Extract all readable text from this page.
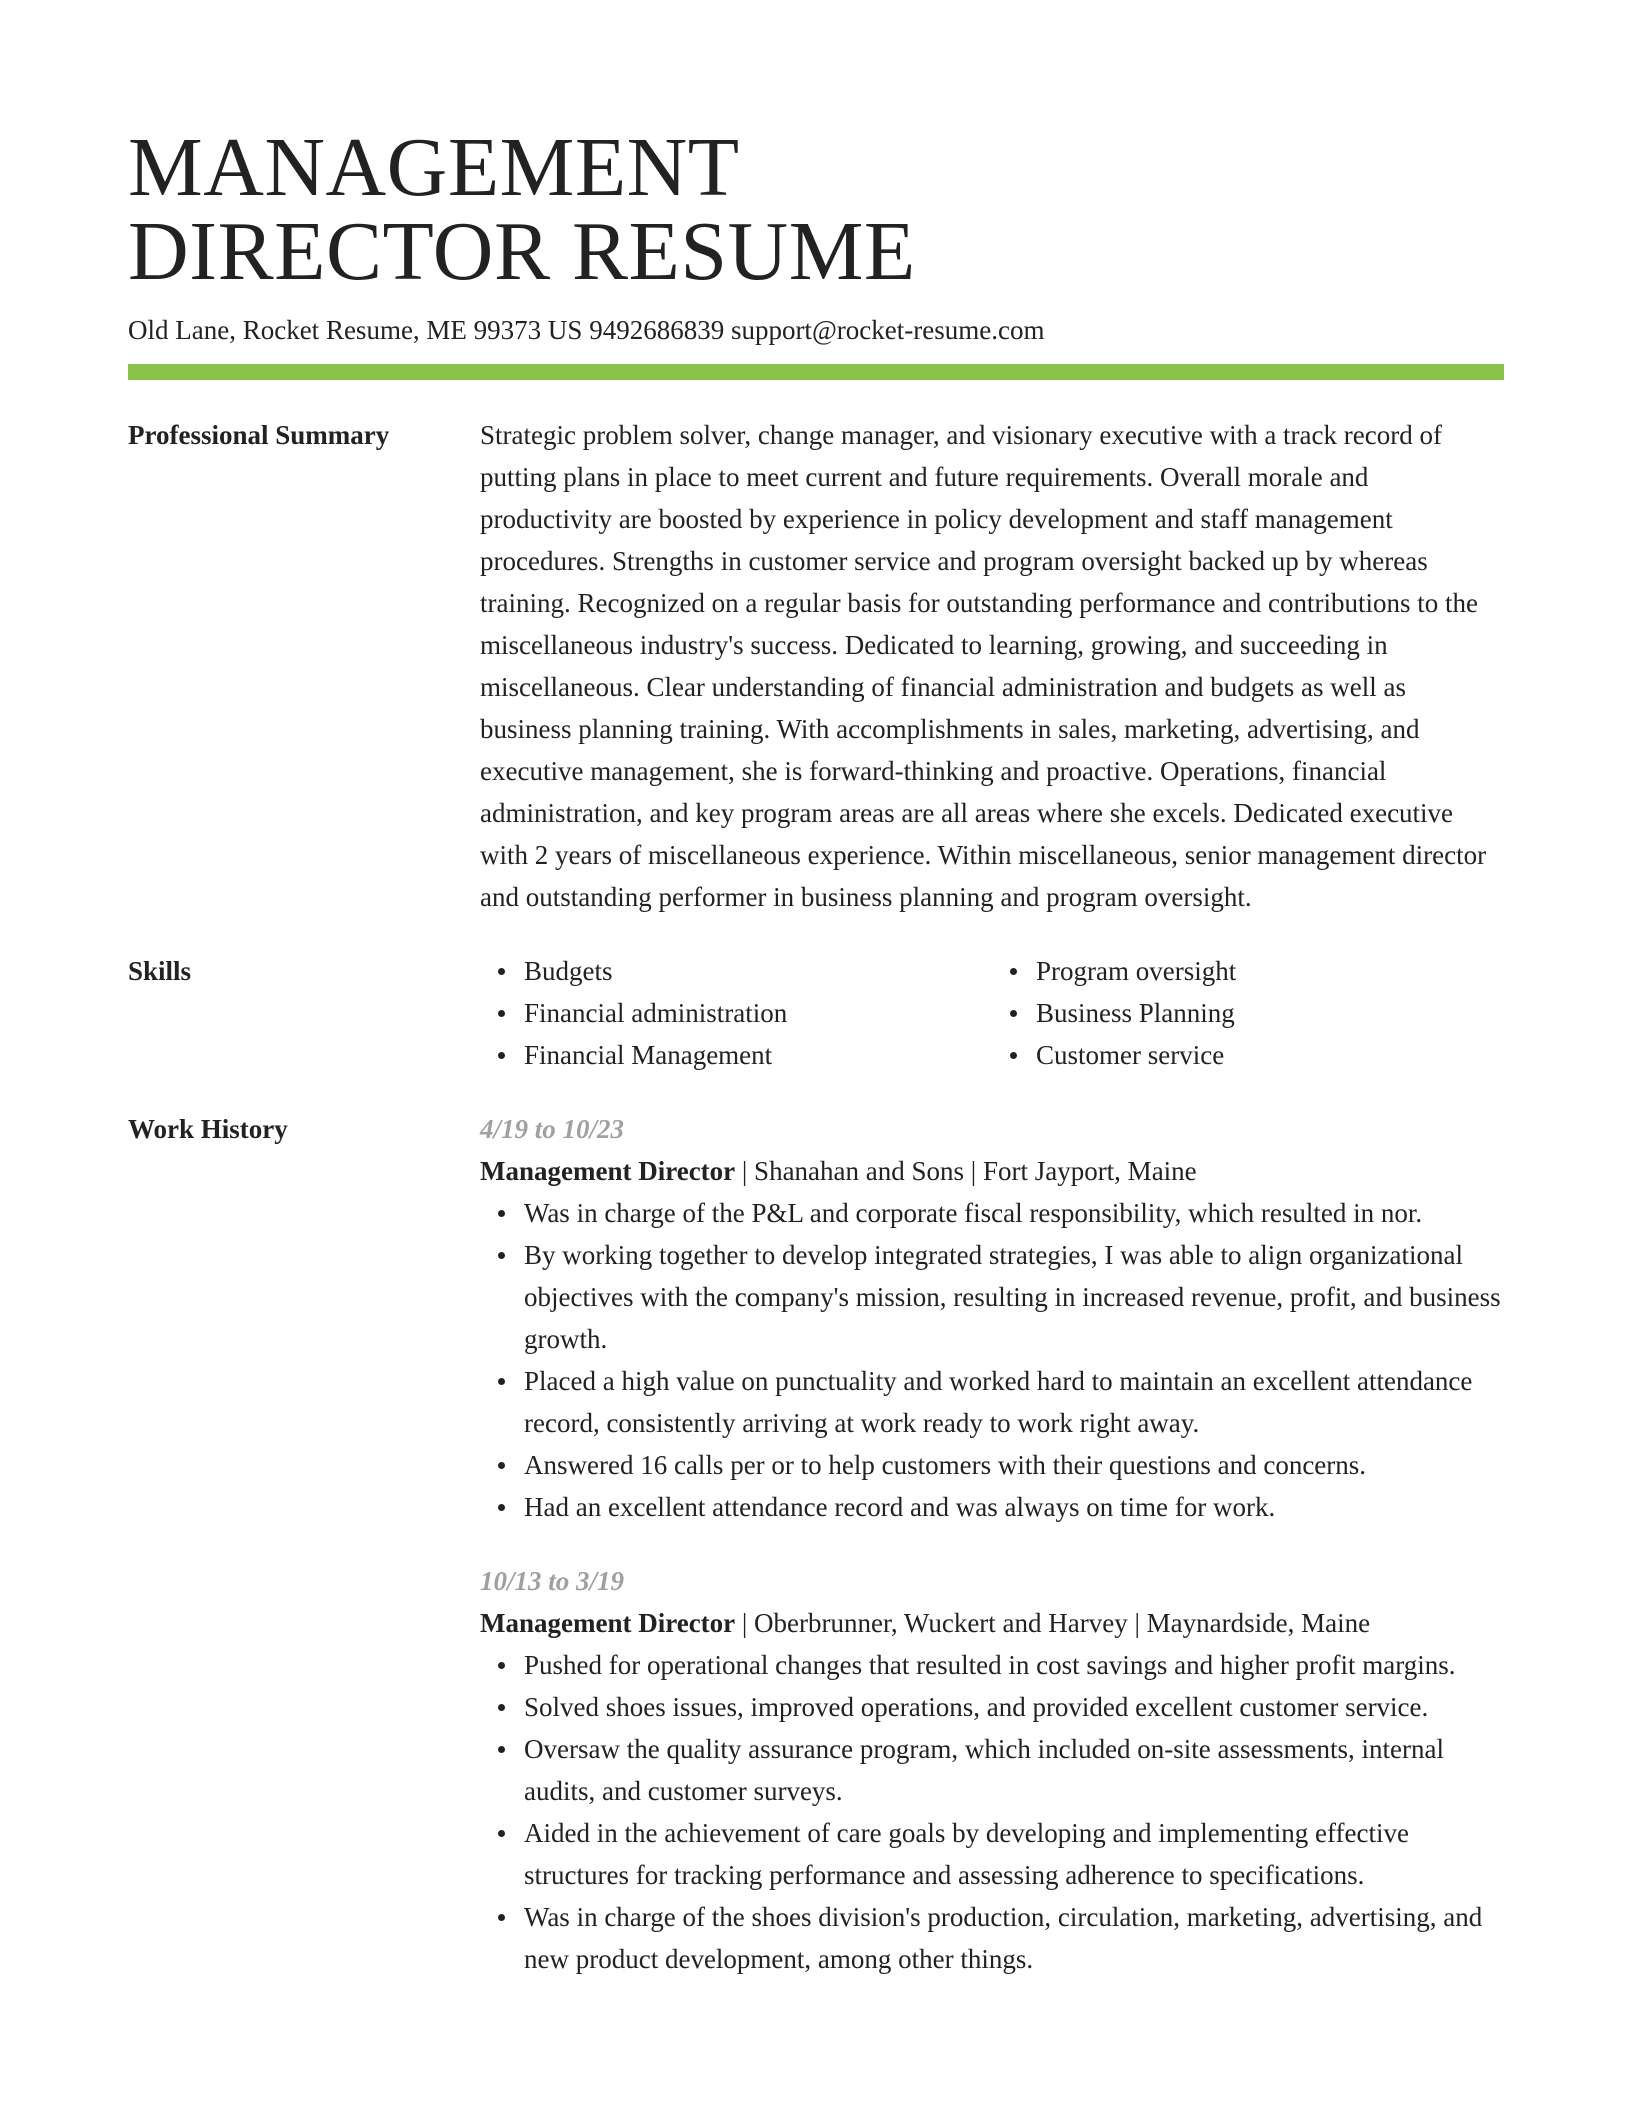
MANAGEMENT
DIRECTOR RESUME
Old Lane, Rocket Resume, ME 99373 US 9492686839 support@rocket-resume.com
Professional Summary	Strategic problem solver, change manager, and visionary executive with a track record of putting plans in place to meet current and future requirements. Overall morale and productivity are boosted by experience in policy development and staff management procedures. Strengths in customer service and program oversight backed up by whereas training. Recognized on a regular basis for outstanding performance and contributions to the miscellaneous industry's success. Dedicated to learning, growing, and succeeding in miscellaneous. Clear understanding of financial administration and budgets as well as business planning training. With accomplishments in sales, marketing, advertising, and executive management, she is forward-thinking and proactive. Operations, financial administration, and key program areas are all areas where she excels. Dedicated executive with 2 years of miscellaneous experience. Within miscellaneous, senior management director and outstanding performer in business planning and program oversight.

Skills	Budgets
Financial administration
Financial Management
Program oversight
Business Planning
Customer service
Work History	4/19 to 10/23

Management Director | Shanahan and Sons | Fort Jayport, Maine

Was in charge of the P&L and corporate fiscal responsibility, which resulted in nor.
By working together to develop integrated strategies, I was able to align organizational objectives with the company's mission, resulting in increased revenue, profit, and business growth.
Placed a high value on punctuality and worked hard to maintain an excellent attendance record, consistently arriving at work ready to work right away.
Answered 16 calls per or to help customers with their questions and concerns.
Had an excellent attendance record and was always on time for work.
10/13 to 3/19

Management Director | Oberbrunner, Wuckert and Harvey | Maynardside, Maine

Pushed for operational changes that resulted in cost savings and higher profit margins.
Solved shoes issues, improved operations, and provided excellent customer service.
Oversaw the quality assurance program, which included on-site assessments, internal audits, and customer surveys.
Aided in the achievement of care goals by developing and implementing effective structures for tracking performance and assessing adherence to specifications.
Was in charge of the shoes division's production, circulation, marketing, advertising, and new product development, among other things.
